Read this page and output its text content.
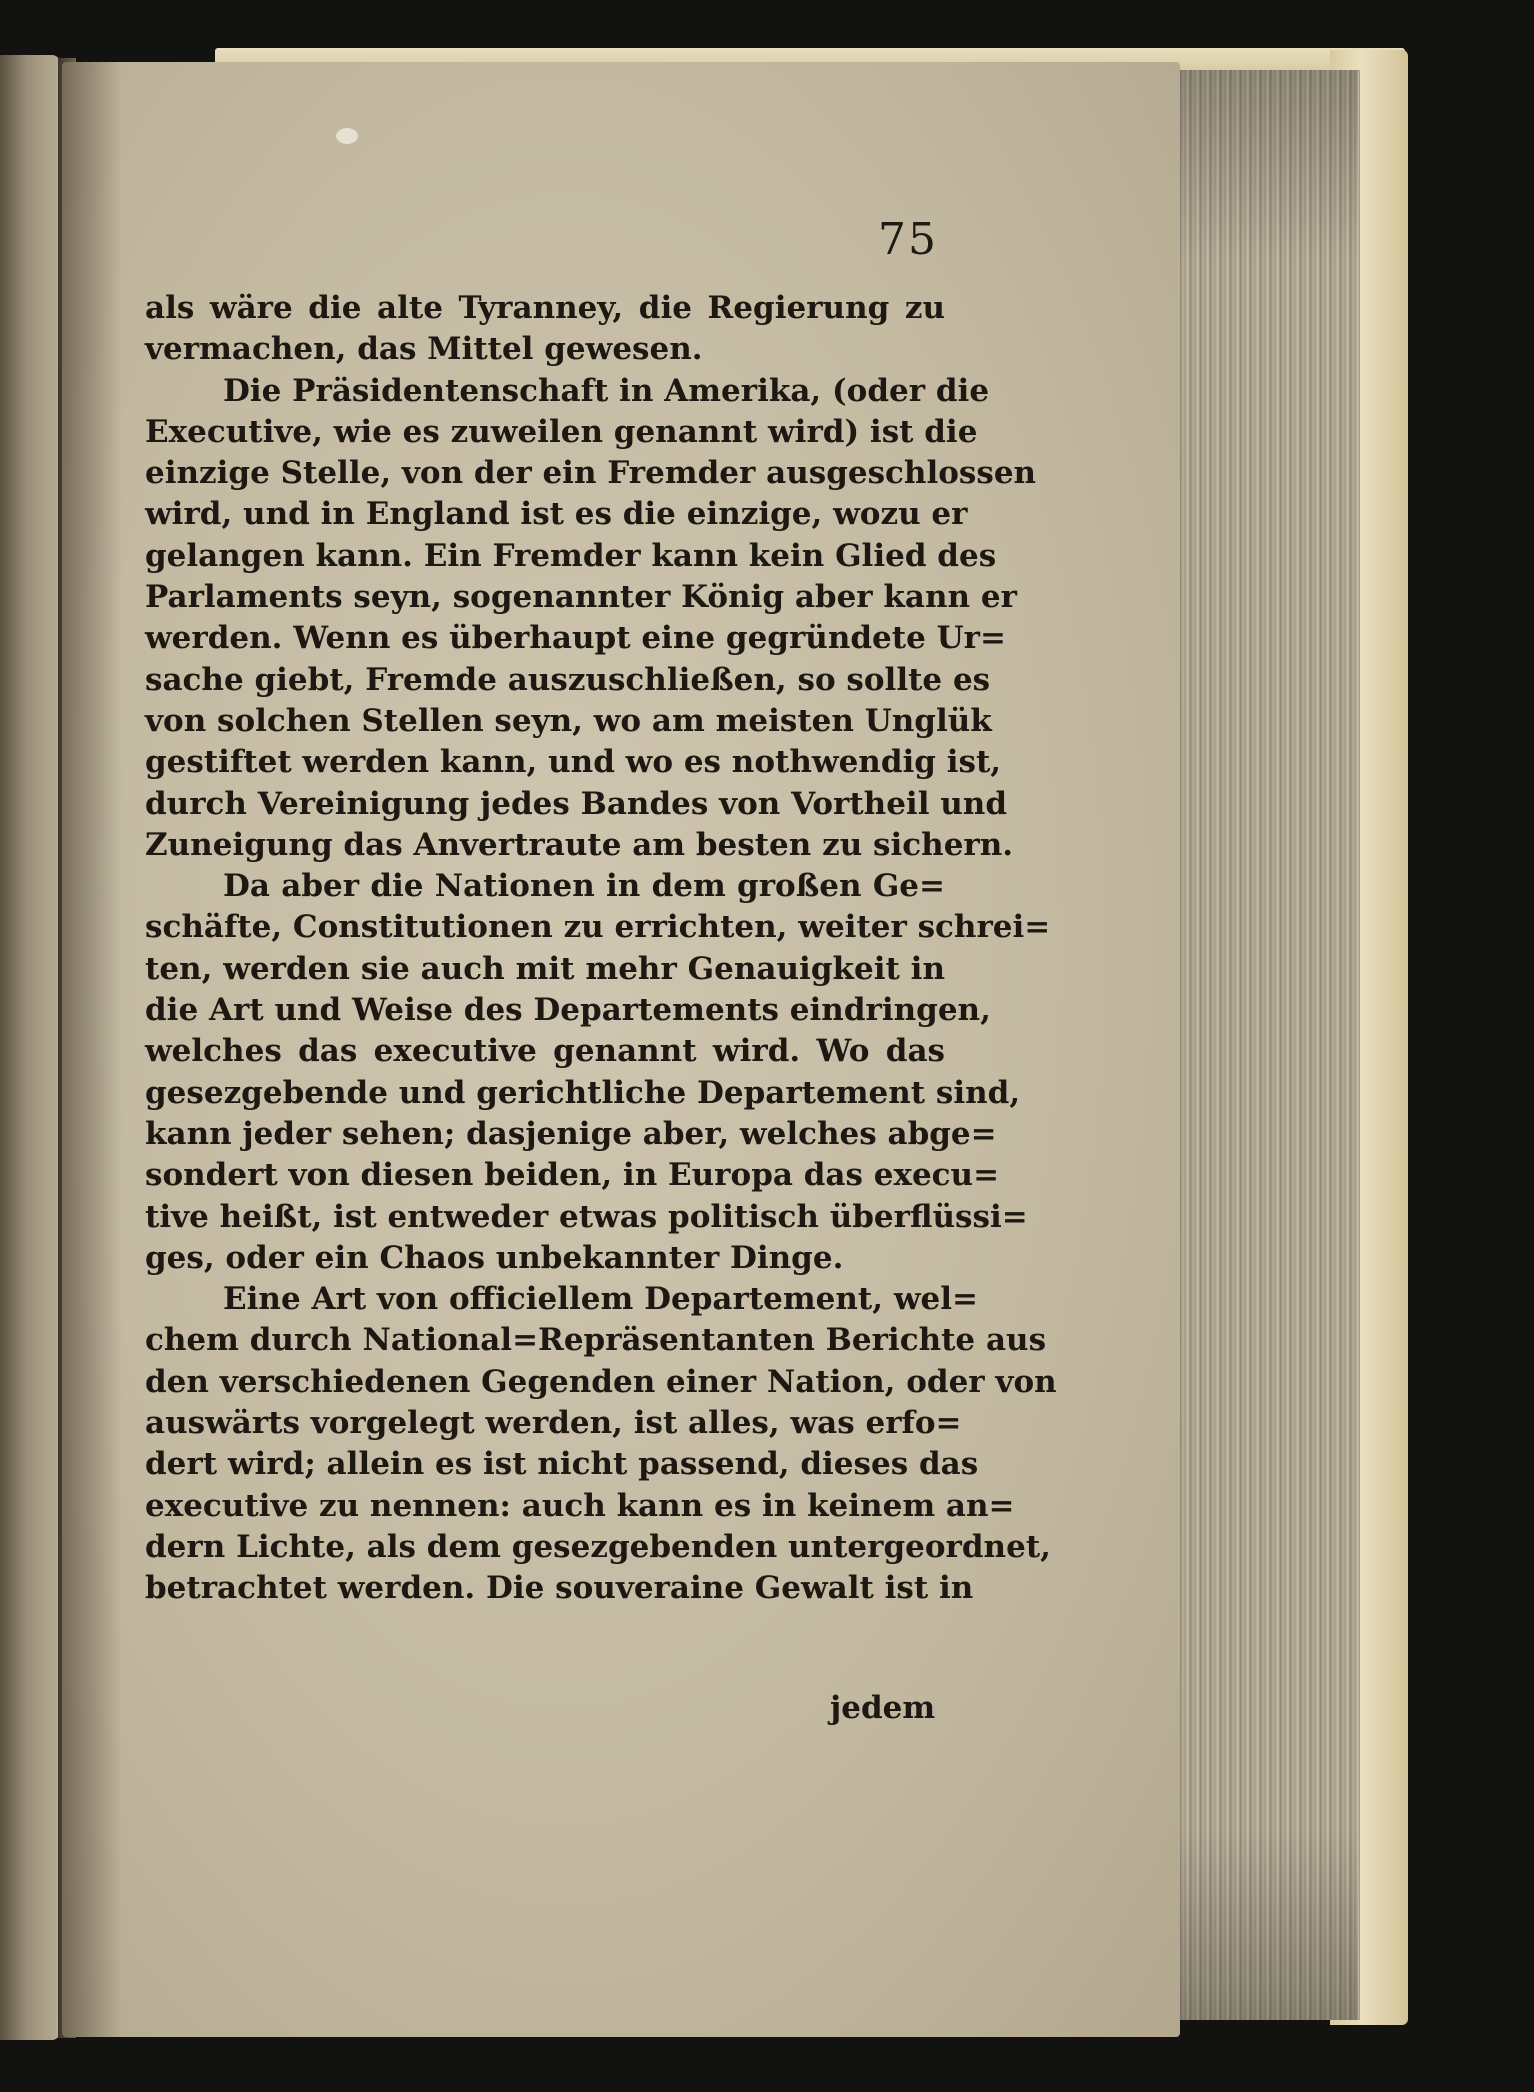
75
als wäre die alte Tyranney, die Regierung zu
vermachen, das Mittel gewesen.
Die Präsidentenschaft in Amerika, (oder die
Executive, wie es zuweilen genannt wird) ist die
einzige Stelle, von der ein Fremder ausgeschlossen
wird, und in England ist es die einzige, wozu er
gelangen kann. Ein Fremder kann kein Glied des
Parlaments seyn, sogenannter König aber kann er
werden. Wenn es überhaupt eine gegründete Ur=
sache giebt, Fremde auszuschließen, so sollte es
von solchen Stellen seyn, wo am meisten Unglük
gestiftet werden kann, und wo es nothwendig ist,
durch Vereinigung jedes Bandes von Vortheil und
Zuneigung das Anvertraute am besten zu sichern.
Da aber die Nationen in dem großen Ge=
schäfte, Constitutionen zu errichten, weiter schrei=
ten, werden sie auch mit mehr Genauigkeit in
die Art und Weise des Departements eindringen,
welches das executive genannt wird. Wo das
gesezgebende und gerichtliche Departement sind,
kann jeder sehen; dasjenige aber, welches abge=
sondert von diesen beiden, in Europa das execu=
tive heißt, ist entweder etwas politisch überflüssi=
ges, oder ein Chaos unbekannter Dinge.
Eine Art von officiellem Departement, wel=
chem durch National=Repräsentanten Berichte aus
den verschiedenen Gegenden einer Nation, oder von
auswärts vorgelegt werden, ist alles, was erfo=
dert wird; allein es ist nicht passend, dieses das
executive zu nennen: auch kann es in keinem an=
dern Lichte, als dem gesezgebenden untergeordnet,
betrachtet werden. Die souveraine Gewalt ist in
jedem
